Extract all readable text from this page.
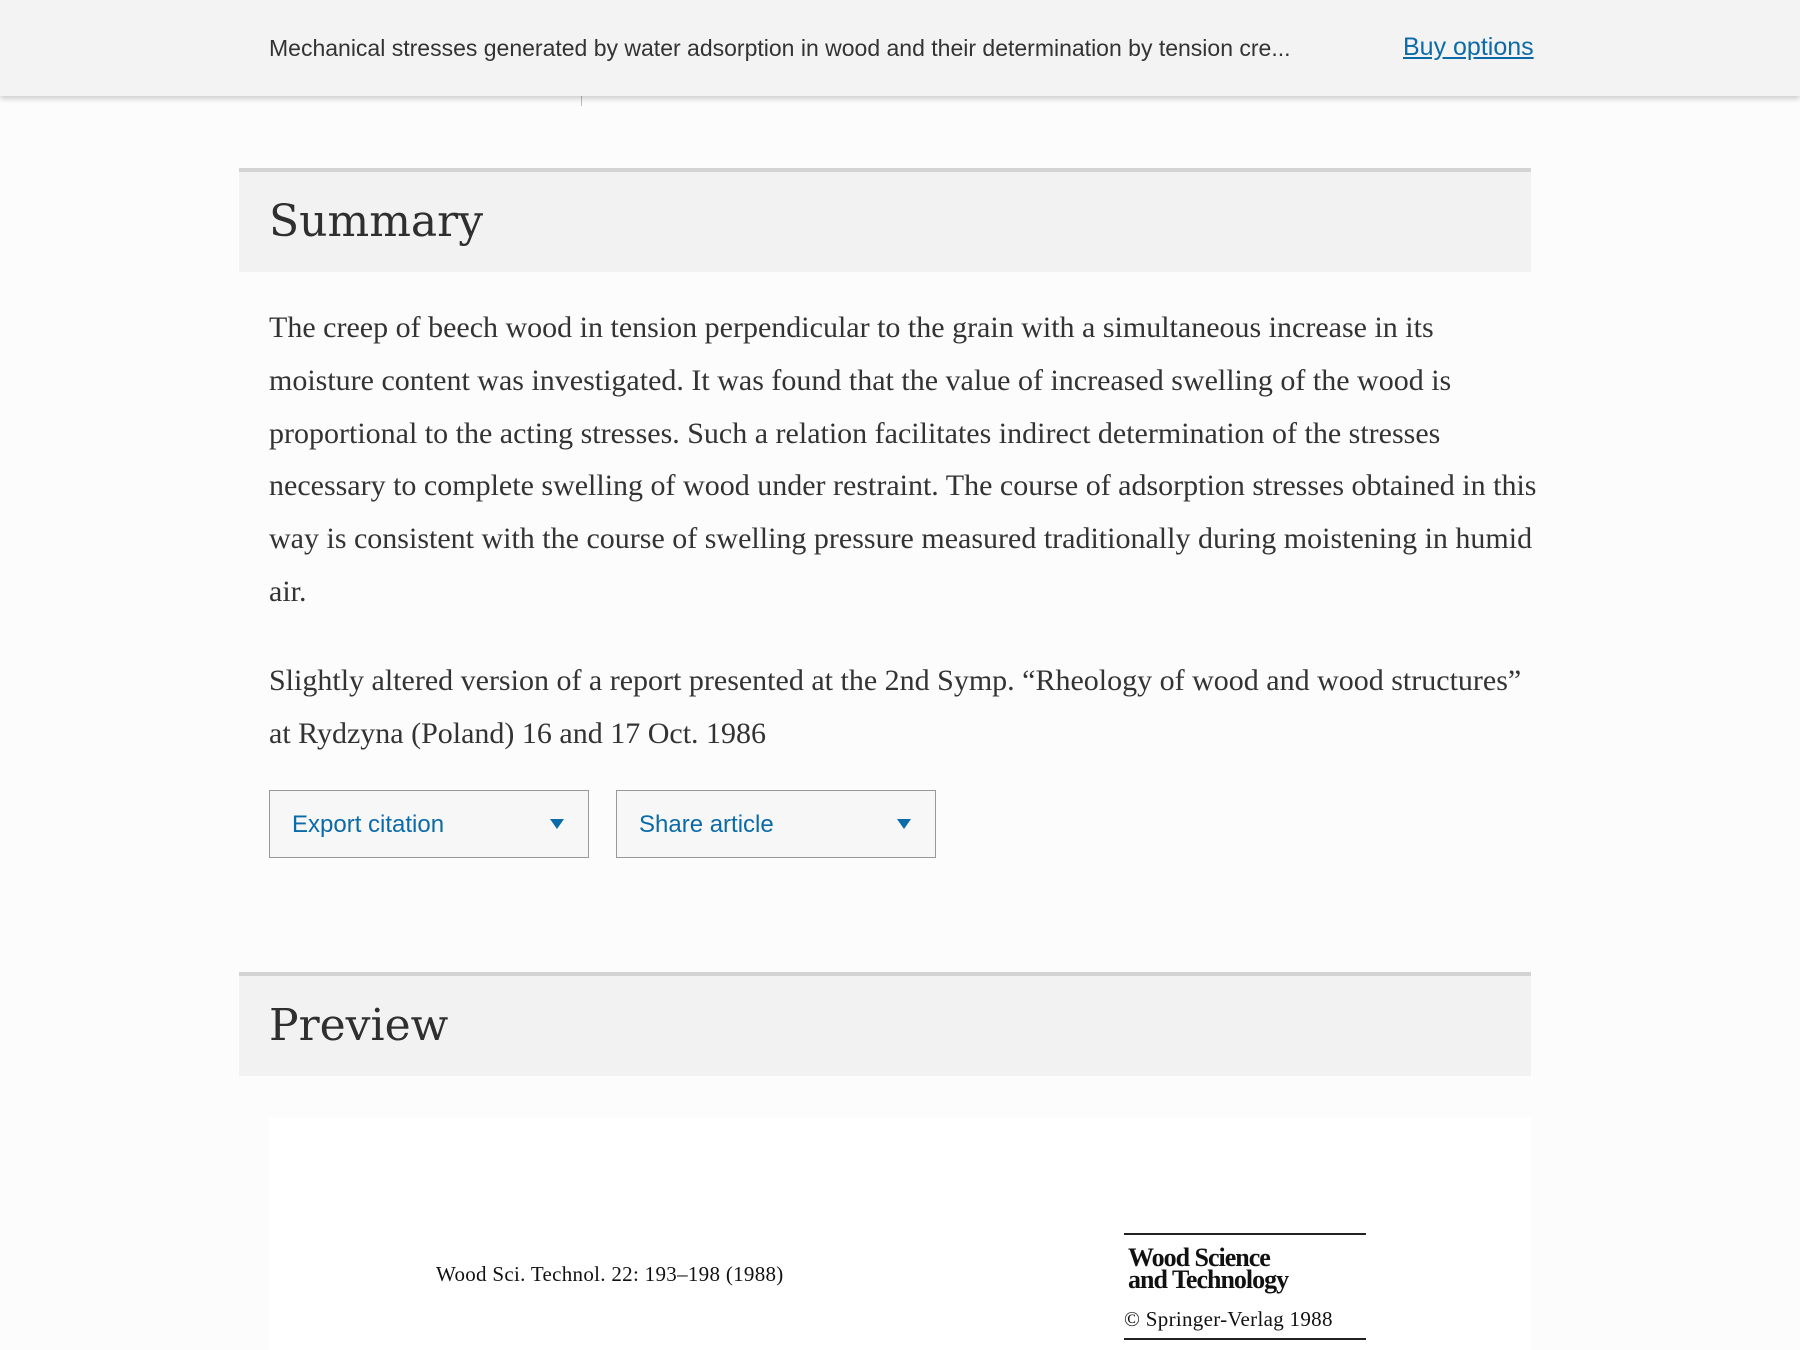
Mechanical stresses generated by water adsorption in wood and their determination by tension cre...	Buy options
Summary

The creep of beech wood in tension perpendicular to the grain with a simultaneous increase in its moisture content was investigated. It was found that the value of increased swelling of the wood is proportional to the acting stresses. Such a relation facilitates indirect determination of the stresses necessary to complete swelling of wood under restraint. The course of adsorption stresses obtained in this way is consistent with the course of swelling pressure measured traditionally during moistening in humid air.

Slightly altered version of a report presented at the 2nd Symp. “Rheology of wood and wood structures” at Rydzyna (Poland) 16 and 17 Oct. 1986

Export citation	Share article
Preview
Wood Sci. Technol. 22: 193–198 (1988)
Wood Science
and Technology
© Springer-Verlag 1988
